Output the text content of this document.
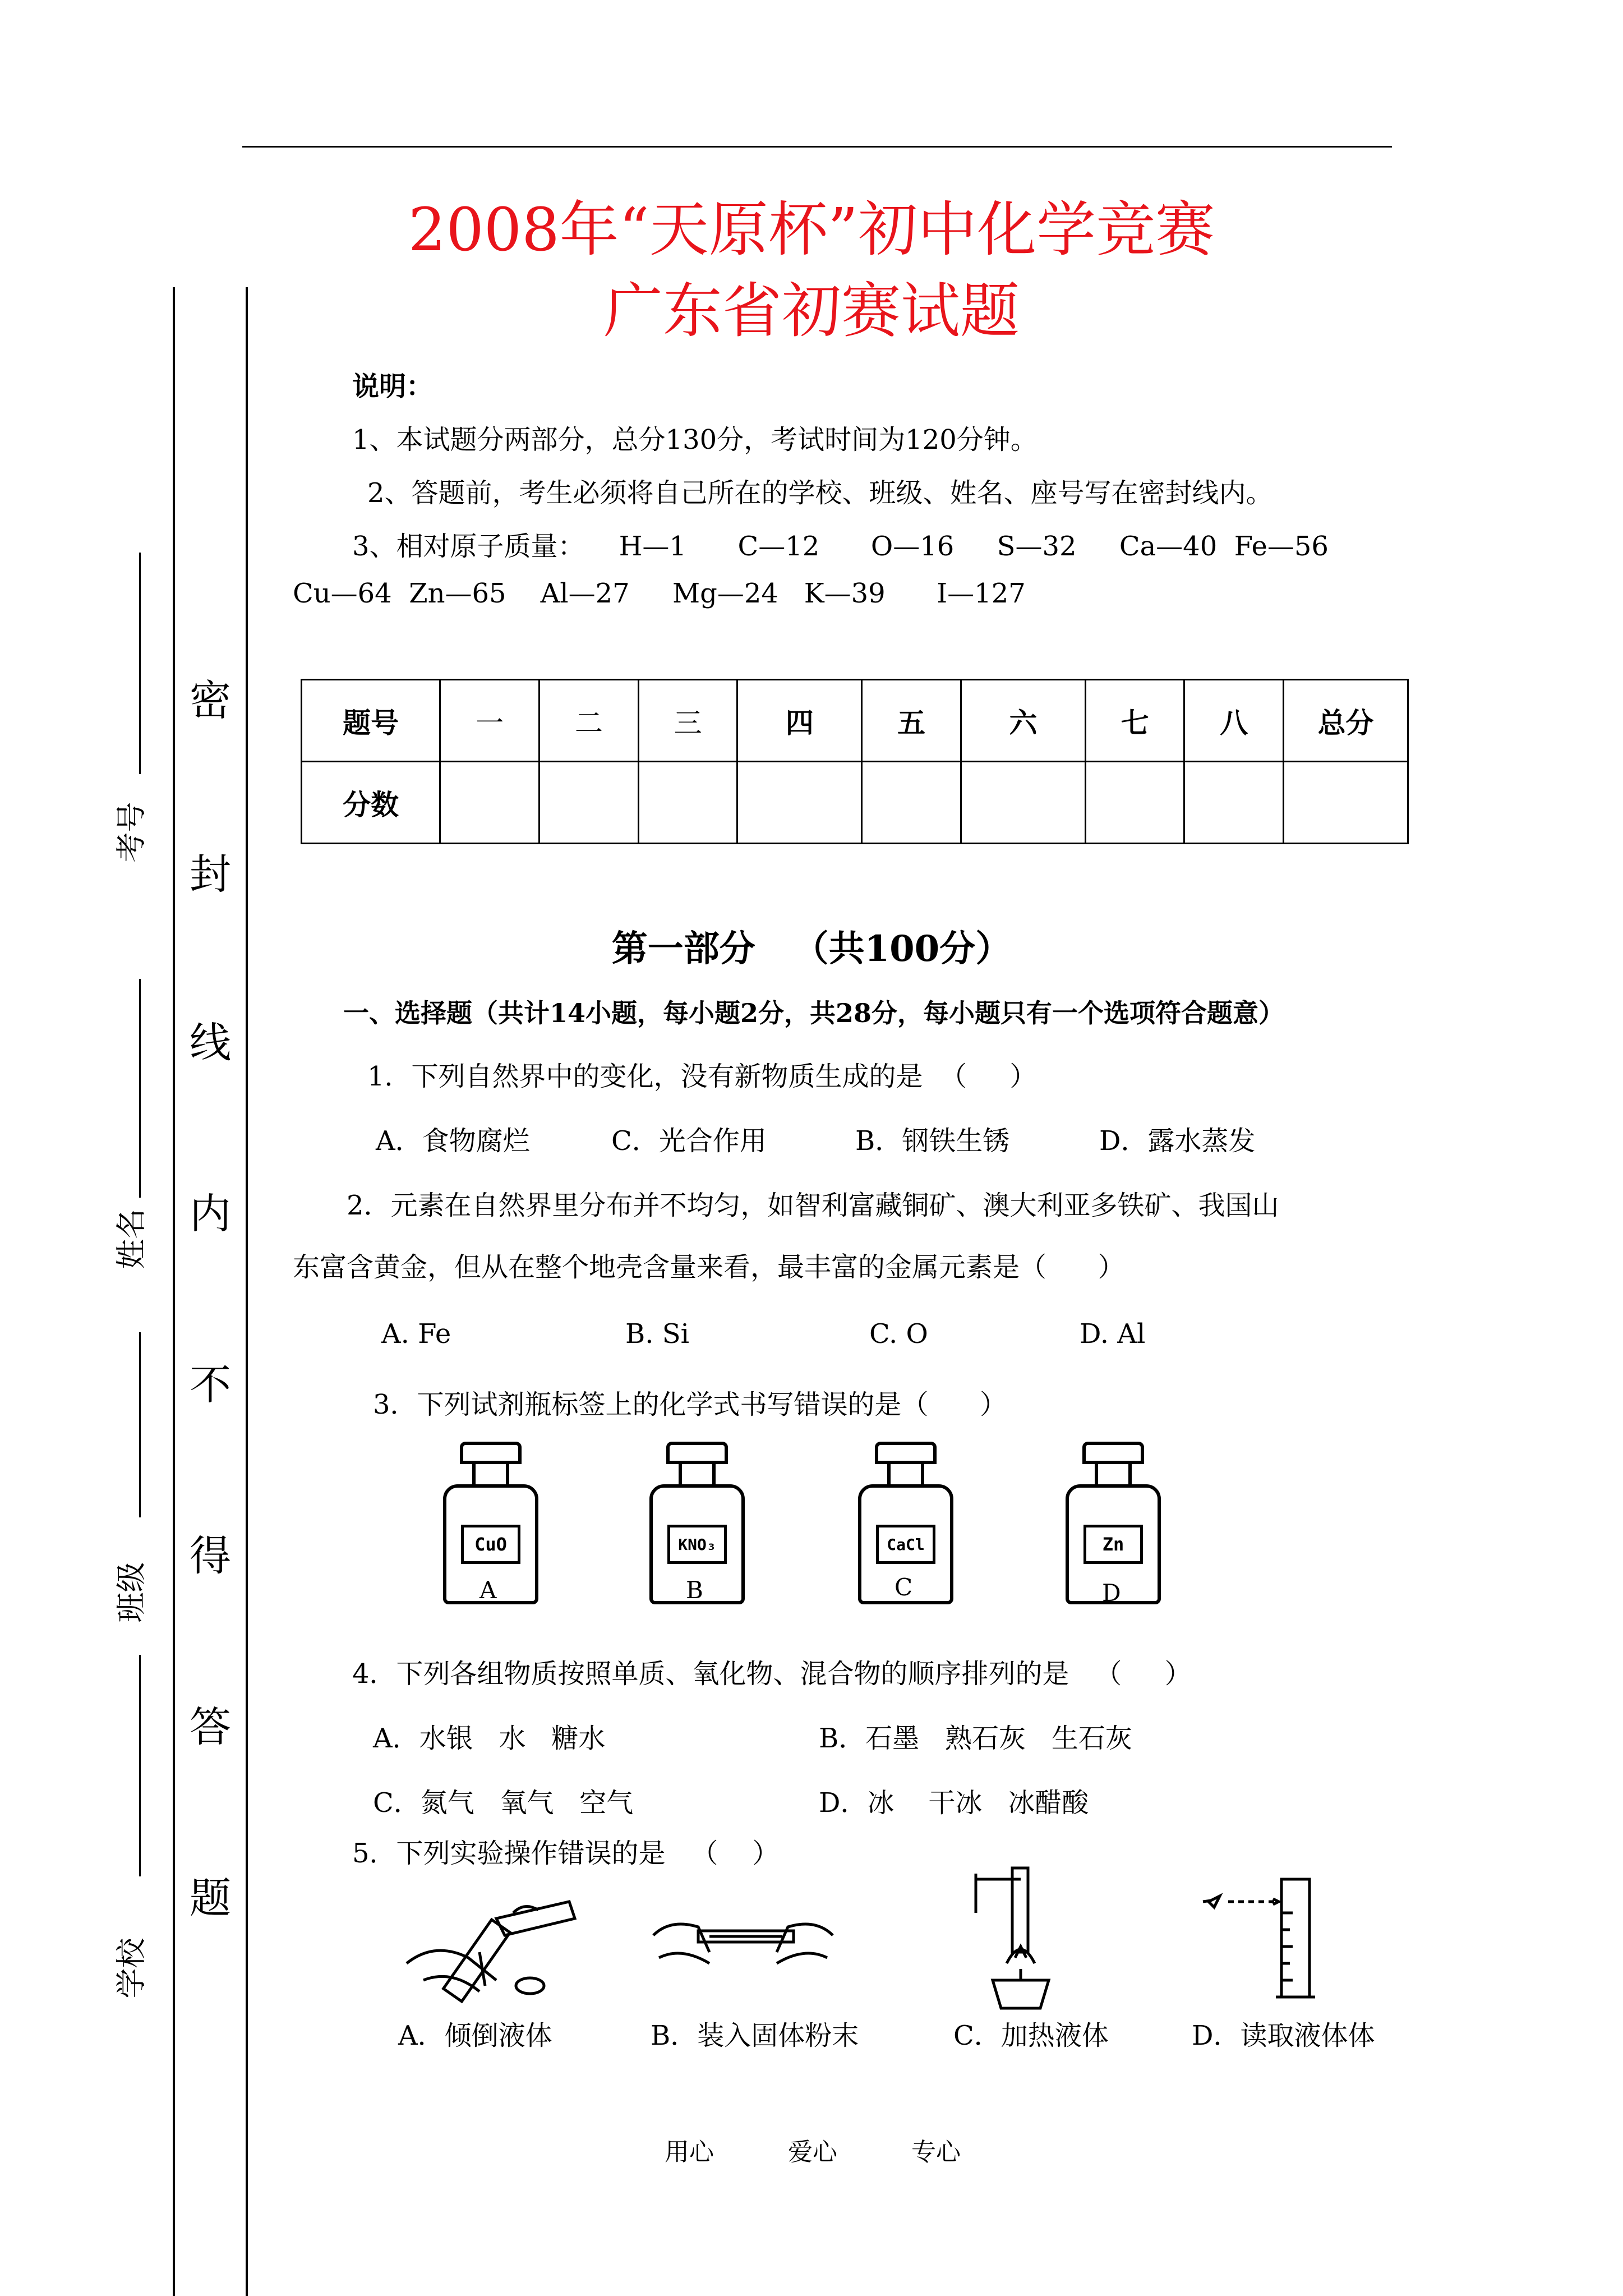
2008年“天原杯”初中化学竞赛
广东省初赛试题
密
封
线
内
不
得
答
题
考号
姓名
班级
学校
说明：
1、本试题分两部分，总分130分，考试时间为120分钟。
2、答题前，考生必须将自己所在的学校、班级、姓名、座号写在密封线内。
3、相对原子质量：    H—1      C—12      O—16     S—32     Ca—40  Fe—56
Cu—64  Zn—65    Al—27     Mg—24   K—39      I—127
题号	一	二	三	四	五	六	七	八	总分
分数									
第一部分   （共100分）
一、选择题（共计14小题，每小题2分，共28分，每小题只有一个选项符合题意）
1．下列自然界中的变化，没有新物质生成的是  （     ）
A．食物腐烂	C．光合作用	B．钢铁生锈	D．露水蒸发
2．元素在自然界里分布并不均匀，如智利富藏铜矿、澳大利亚多铁矿、我国山
东富含黄金，但从在整个地壳含量来看，最丰富的金属元素是（      ）
A. Fe	B. Si	C. O	D. Al
3．下列试剂瓶标签上的化学式书写错误的是（      ）
CuO
A
KNO₃
B
CaCl
C
Zn
D
4．下列各组物质按照单质、氧化物、混合物的顺序排列的是   （     ）
A．水银   水   糖水	B．石墨   熟石灰   生石灰
C．氮气   氧气   空气	D．冰    干冰   冰醋酸
5．下列实验操作错误的是   （    ）
A．倾倒液体	B．装入固体粉末	C．加热液体	D．读取液体体
用心	爱心	专心
